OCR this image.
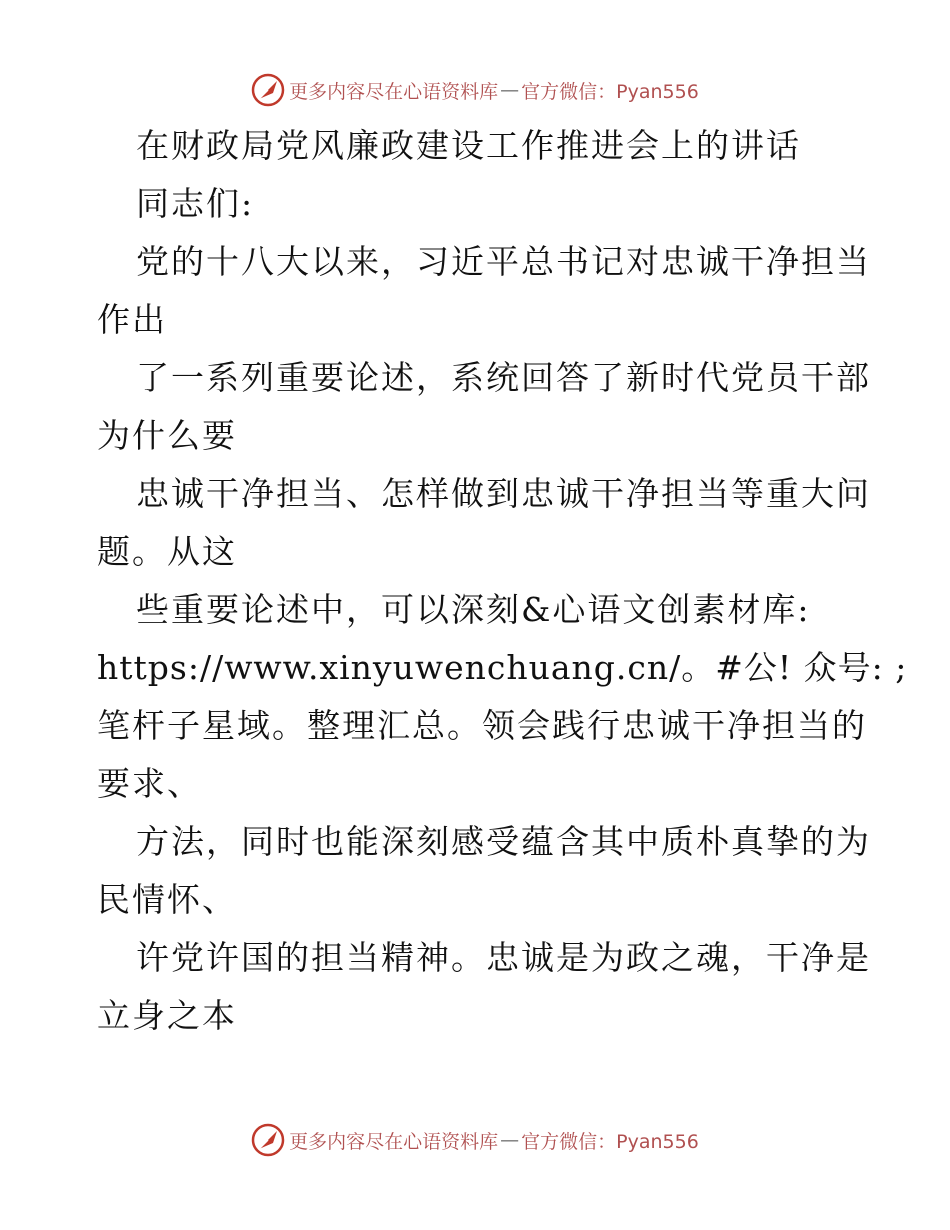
更多内容尽在心语资料库 — 官方微信：Pyan556
在财政局党风廉政建设工作推进会上的讲话
同志们:
党的十八大以来，习近平总书记对忠诚干净担当
作出
了一系列重要论述，系统回答了新时代党员干部
为什么要
忠诚干净担当、怎样做到忠诚干净担当等重大问
题。从这
些重要论述中，可以深刻&心语文创素材库:
https://www.xinyuwenchuang.cn/。#公! 众号: ;
笔杆子星域。整理汇总。领会践行忠诚干净担当的
要求、
方法，同时也能深刻感受蕴含其中质朴真挚的为
民情怀、
许党许国的担当精神。忠诚是为政之魂，干净是
立身之本
更多内容尽在心语资料库 — 官方微信：Pyan556
